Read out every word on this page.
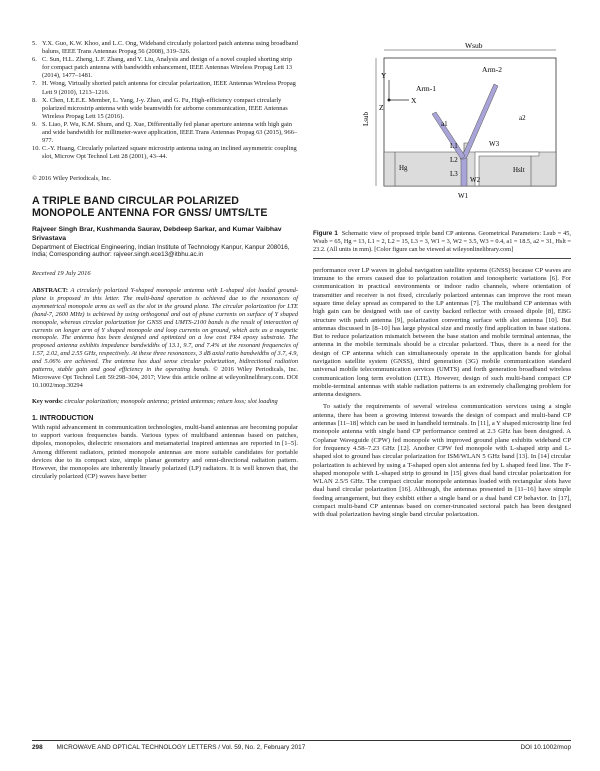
5. Y.X. Guo, K.W. Khoo, and L.C. Ong, Wideband circularly polarized patch antenna using broadband baluns, IEEE Trans Antennas Propag 56 (2008), 319–326.

6. C. Sun, H.L. Zheng, L.F. Zhang, and Y. Liu, Analysis and design of a novel coupled shorting strip for compact patch antenna with bandwidth enhancement, IEEE Antennas Wireless Propag Lett 13 (2014), 1477–1481.

7. H. Wong, Virtually shorted patch antenna for circular polarization, IEEE Antennas Wireless Propag Lett 9 (2010), 1213–1216.

8. X. Chen, I.E.E.E. Member, L. Yang, J-y. Zhao, and G. Fu, High-efficiency compact circularly polarized microstrip antenna with wide beamwidth for airborne communication, IEEE Antennas Wireless Propag Lett 15 (2016).

9. S. Liao, P. Wu, K.M. Shum, and Q. Xue, Differentially fed planar aperture antenna with high gain and wide bandwidth for millimeter-wave application, IEEE Trans Antennas Propag 63 (2015), 966–977.

10. C.-Y. Huang, Circularly polarized square microstrip antenna using an inclined asymmetric coupling slot, Microw Opt Technol Lett 28 (2001), 43–44.

© 2016 Wiley Periodicals, Inc.
A TRIPLE BAND CIRCULAR POLARIZED MONOPOLE ANTENNA FOR GNSS/ UMTS/LTE
Rajveer Singh Brar, Kushmanda Saurav, Debdeep Sarkar, and Kumar Vaibhav Srivastava
Department of Electrical Engineering, Indian Institute of Technology Kanpur, Kanpur 208016, India; Corresponding author: rajveer.singh.ece13@itbhu.ac.in
Received 19 July 2016
ABSTRACT: A circularly polarized Y-shaped monopole antenna with L-shaped slot loaded ground-plane is proposed in this letter. The multi-band operation is achieved due to the resonances of asymmetrical monopole arms as well as the slot in the ground plane. The circular polarization for LTE (band-7, 2600 MHz) is achieved by using orthogonal and out of phase currents on surface of Y shaped monopole, whereas circular polarization for GNSS and UMTS-2100 bands is the result of interaction of currents on longer arm of Y shaped monopole and loop currents on ground, which acts as a magnetic monopole. The antenna has been designed and optimized on a low cost FR4 epoxy substrate. The proposed antenna exhibits impedance bandwidths of 13.1, 9.7, and 7.4% at the resonant frequencies of 1.57, 2.02, and 2.55 GHz, respectively. At these three resonances, 3 dB axial ratio bandwidths of 3.7, 4.9, and 5.06% are achieved. The antenna has dual sense circular polarization, bidirectional radiation patterns, stable gain and good efficiency in the operating bands. © 2016 Wiley Periodicals, Inc. Microwave Opt Technol Lett 59:298–304, 2017; View this article online at wileyonlinelibrary.com. DOI 10.1002/mop.30294
Key words: circular polarization; monopole antenna; printed antennas; return loss; slot loading
1. INTRODUCTION

With rapid advancement in communication technologies, multi-band antennas are becoming popular to support various frequencies bands. Various types of multiband antennas based on patches, dipoles, monopoles, dielectric resonators and metamaterial inspired antennas are reported in [1–5]. Among different radiators, printed monopole antennas are more suitable candidates for portable devices due to its compact size, simple planar geometry and omni-directional radiation pattern. However, the monopoles are inherently linearly polarized (LP) radiators. It is well known that, the circularly polarized (CP) waves have better

Wsub
Arm-1
Arm-2
Lsub
Y
X
Z
a1
a2
W3
L1
L2
L3
W2
W1
Hg	Hslt
Figure 1 Schematic view of proposed triple band CP antenna. Geometrical Parameters: Lsub = 45, Wsub = 65, Hg = 13, L1 = 2, L2 = 15, L3 = 3, W1 = 3, W2 = 3.5, W3 = 0.4, a1 = 18.5, a2 = 31, Hslt = 23.2. (All units in mm). [Color figure can be viewed at wileyonlinelibrary.com]

performance over LP waves in global navigation satellite systems (GNSS) because CP waves are immune to the errors caused due to polarization rotation and ionospheric variations [6]. For communication in practical environments or indoor radio channels, where orientation of transmitter and receiver is not fixed, circularly polarized antennas can improve the root mean square time delay spread as compared to the LP antennas [7]. The multiband CP antennas with high gain can be designed with use of cavity backed reflector with crossed dipole [8], EBG structure with patch antenna [9], polarization converting surface with slot antenna [10]. But antennas discussed in [8–10] has large physical size and mostly find application in base stations. But to reduce polarization mismatch between the base station and mobile terminal antennas, the antenna in the mobile terminals should be a circular polarized. Thus, there is a need for the design of CP antenna which can simultaneously operate in the application bands for global navigation satellite system (GNSS), third generation (3G) mobile communication standard universal mobile telecommunication services (UMTS) and forth generation broadband wireless communication long term evolution (LTE). However, design of such multi-band compact CP mobile-terminal antennas with stable radiation patterns is an extremely challenging problem for antenna designers.

To satisfy the requirements of several wireless communication services using a single antenna, there has been a growing interest towards the design of compact and multi-band CP antennas [11–18] which can be used in handheld terminals. In [11], a Y shaped microstrip line fed monopole antenna with single band CP performance centred at 2.3 GHz has been designed. A Coplanar Waveguide (CPW) fed monopole with improved ground plane exhibits wideband CP for frequency 4.58–7.23 GHz [12]. Another CPW fed monopole with L-shaped strip and L-shaped slot to ground has circular polarization for ISM/WLAN 5 GHz band [13]. In [14] circular polarization is achieved by using a T-shaped open slot antenna fed by L shaped feed line. The F-shaped monopole with L-shaped strip to ground in [15] gives dual band circular polarization for WLAN 2.5/5 GHz. The compact circular monopole antennas loaded with rectangular slots have dual band circular polarization [16]. Although, the antennas presented in [11–16] have simple feeding arrangement, but they exhibit either a single band or a dual band CP behavior. In [17], compact multi-band CP antennas based on corner-truncated sectoral patch has been designed with dual polarization having single band circular polarization.

298 MICROWAVE AND OPTICAL TECHNOLOGY LETTERS / Vol. 59, No. 2, February 2017	DOI 10.1002/mop
